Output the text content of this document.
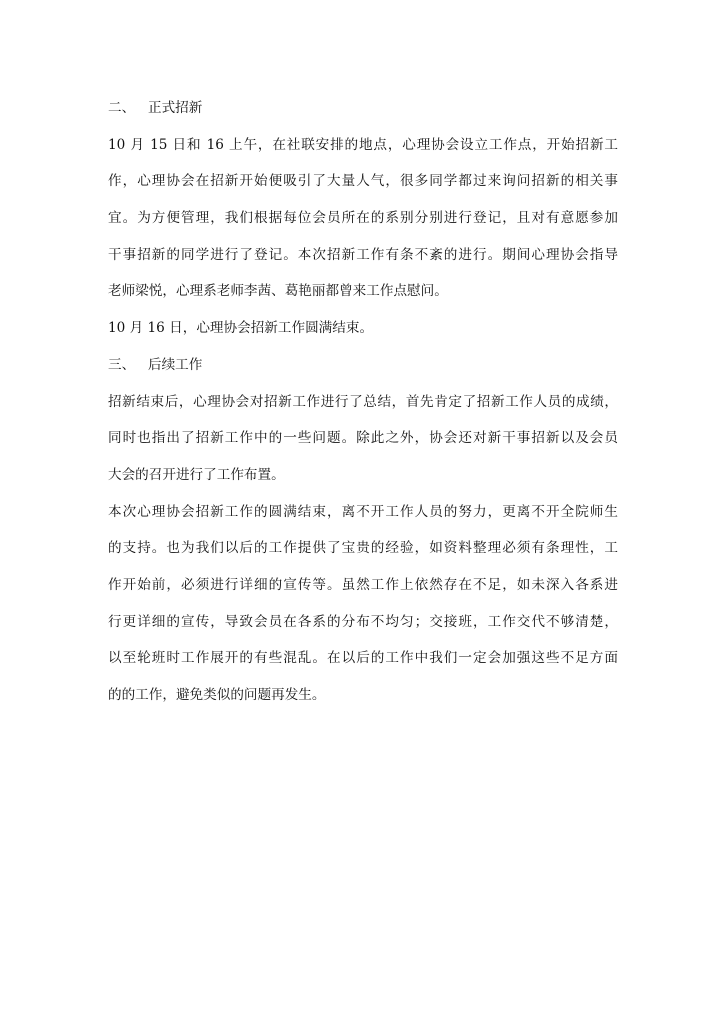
二、 正式招新
10 月 15 日和 16 上午，在社联安排的地点，心理协会设立工作点，开始招新工
作，心理协会在招新开始便吸引了大量人气，很多同学都过来询问招新的相关事
宜。为方便管理，我们根据每位会员所在的系别分别进行登记，且对有意愿参加
干事招新的同学进行了登记。本次招新工作有条不紊的进行。期间心理协会指导
老师梁悦，心理系老师李茜、葛艳丽都曾来工作点慰问。
10 月 16 日，心理协会招新工作圆满结束。
三、 后续工作
招新结束后，心理协会对招新工作进行了总结，首先肯定了招新工作人员的成绩，
同时也指出了招新工作中的一些问题。除此之外，协会还对新干事招新以及会员
大会的召开进行了工作布置。
本次心理协会招新工作的圆满结束，离不开工作人员的努力，更离不开全院师生
的支持。也为我们以后的工作提供了宝贵的经验，如资料整理必须有条理性，工
作开始前，必须进行详细的宣传等。虽然工作上依然存在不足，如未深入各系进
行更详细的宣传，导致会员在各系的分布不均匀；交接班，工作交代不够清楚，
以至轮班时工作展开的有些混乱。在以后的工作中我们一定会加强这些不足方面
的的工作，避免类似的问题再发生。
